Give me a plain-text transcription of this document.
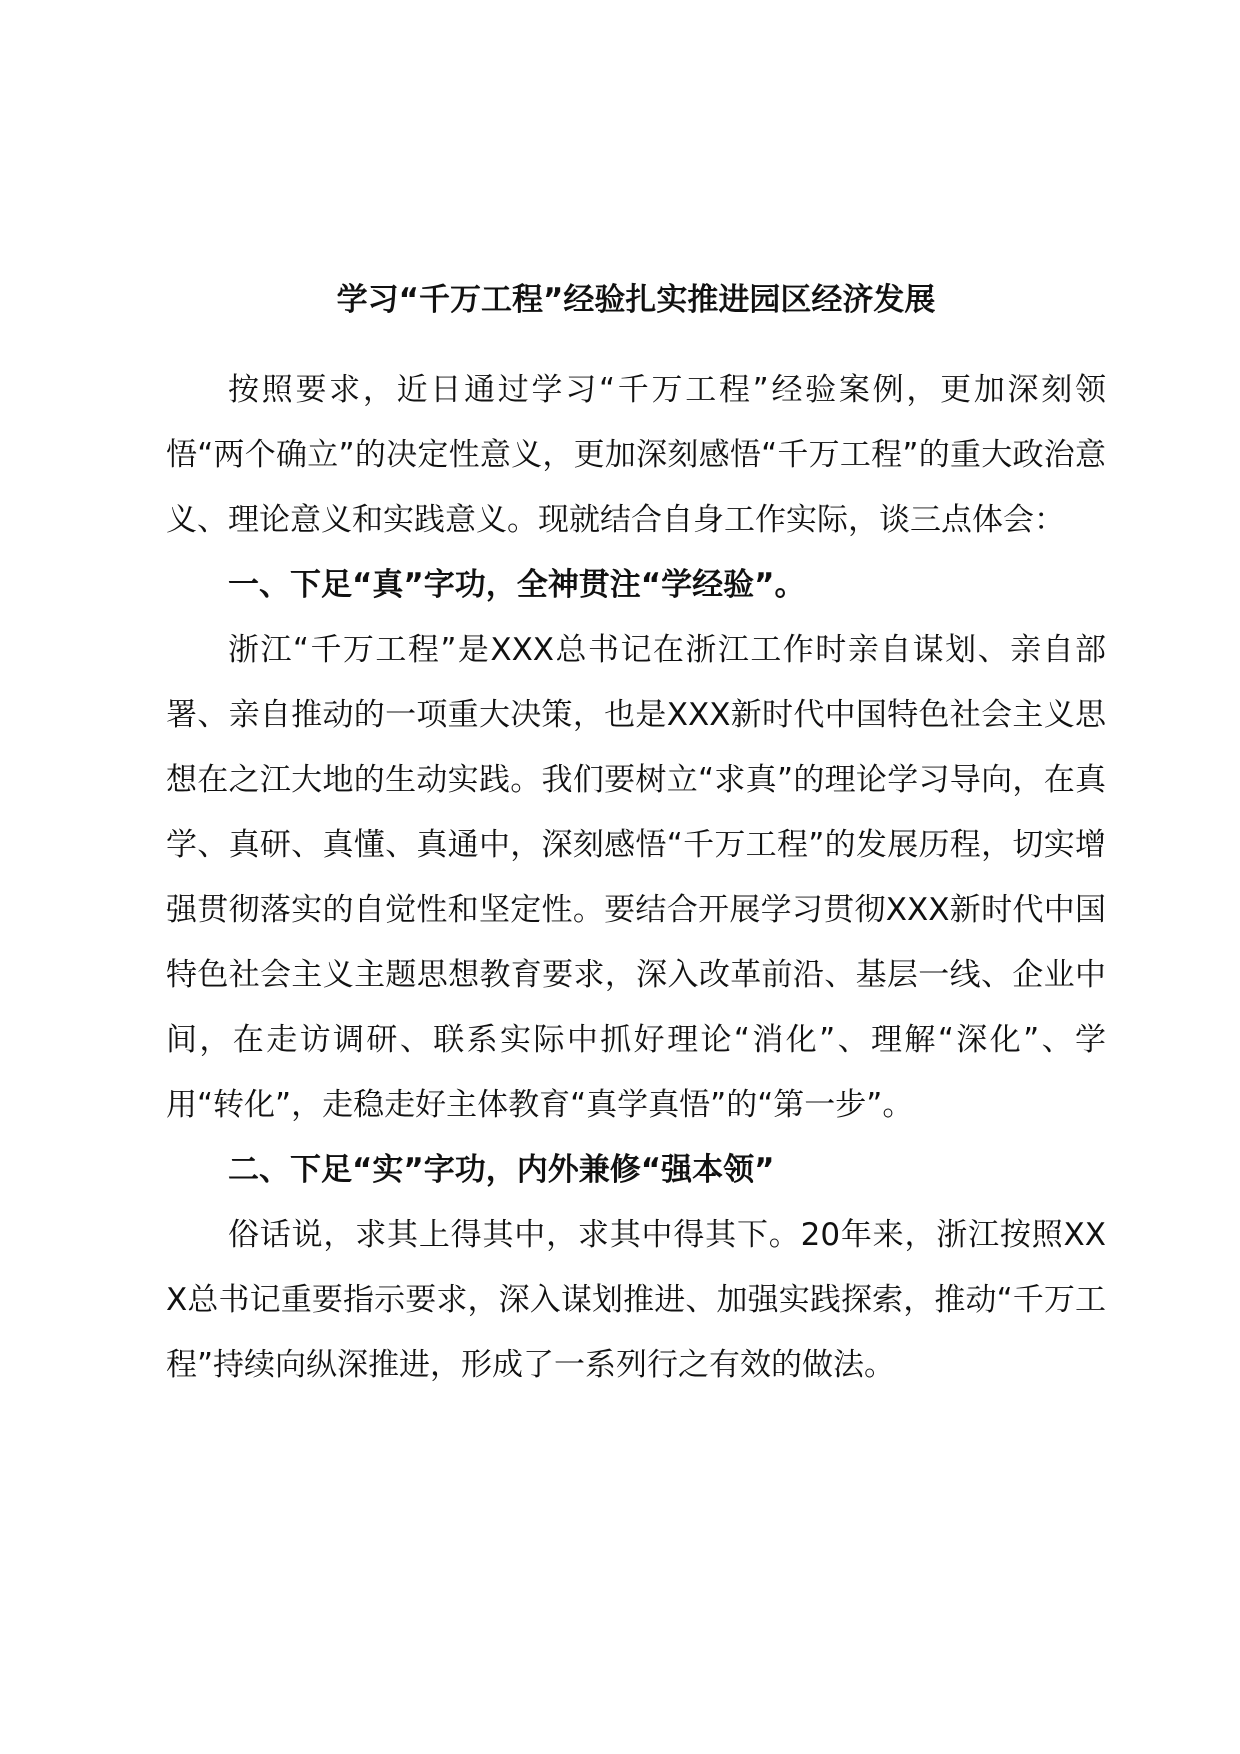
学习“千万工程”经验扎实推进园区经济发展

按照要求，近日通过学习“千万工程”经验案例，更加深刻领悟“两个确立”的决定性意义，更加深刻感悟“千万工程”的重大政治意义、理论意义和实践意义。现就结合自身工作实际，谈三点体会：

一、下足“真”字功，全神贯注“学经验”。

浙江“千万工程”是XXX总书记在浙江工作时亲自谋划、亲自部署、亲自推动的一项重大决策，也是XXX新时代中国特色社会主义思想在之江大地的生动实践。我们要树立“求真”的理论学习导向，在真学、真研、真懂、真通中，深刻感悟“千万工程”的发展历程，切实增强贯彻落实的自觉性和坚定性。要结合开展学习贯彻XXX新时代中国特色社会主义主题思想教育要求，深入改革前沿、基层一线、企业中间，在走访调研、联系实际中抓好理论“消化”、理解“深化”、学用“转化”，走稳走好主体教育“真学真悟”的“第一步”。

二、下足“实”字功，内外兼修“强本领”

俗话说，求其上得其中，求其中得其下。20年来，浙江按照XXX总书记重要指示要求，深入谋划推进、加强实践探索，推动“千万工程”持续向纵深推进，形成了一系列行之有效的做法。
